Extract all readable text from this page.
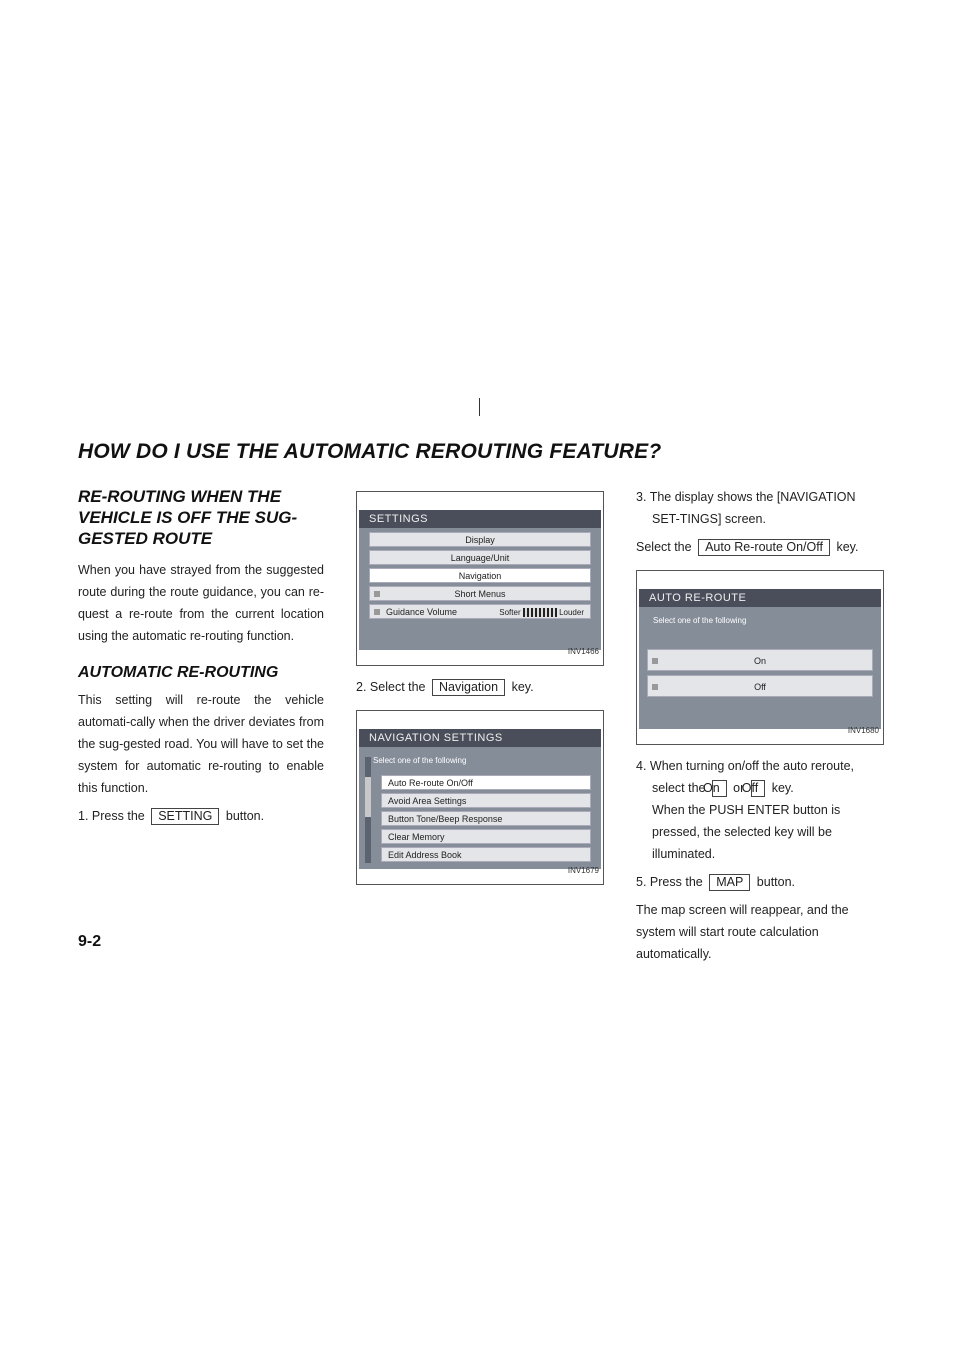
HOW DO I USE THE AUTOMATIC REROUTING FEATURE?
RE-ROUTING WHEN THE VEHICLE IS OFF THE SUG-GESTED ROUTE

When you have strayed from the suggested route during the route guidance, you can re-quest a re-route from the current location using the automatic re-routing function.

AUTOMATIC RE-ROUTING

This setting will re-route the vehicle automati-cally when the driver deviates from the sug-gested road. You will have to set the system for automatic re-routing to enable this function.

1. Press the SETTING button.

SETTINGS
Display
Language/Unit
Navigation
Short Menus
Guidance Volume	Softer	Louder
INV1466

2. Select the Navigation key.

NAVIGATION SETTINGS
Select one of the following
Auto Re-route On/Off
Avoid Area Settings
Button Tone/Beep Response
Clear Memory
Edit Address Book
INV1679

3. The display shows the [NAVIGATION SET-TINGS] screen.

Select the Auto Re-route On/Off key.

AUTO RE-ROUTE
Select one of the following
On
Off
INV1680

4. When turning on/off the auto reroute, select the On or Off key.

When the PUSH ENTER button is pressed, the selected key will be illuminated.

5. Press the MAP button.

The map screen will reappear, and the system will start route calculation automatically.

9-2
